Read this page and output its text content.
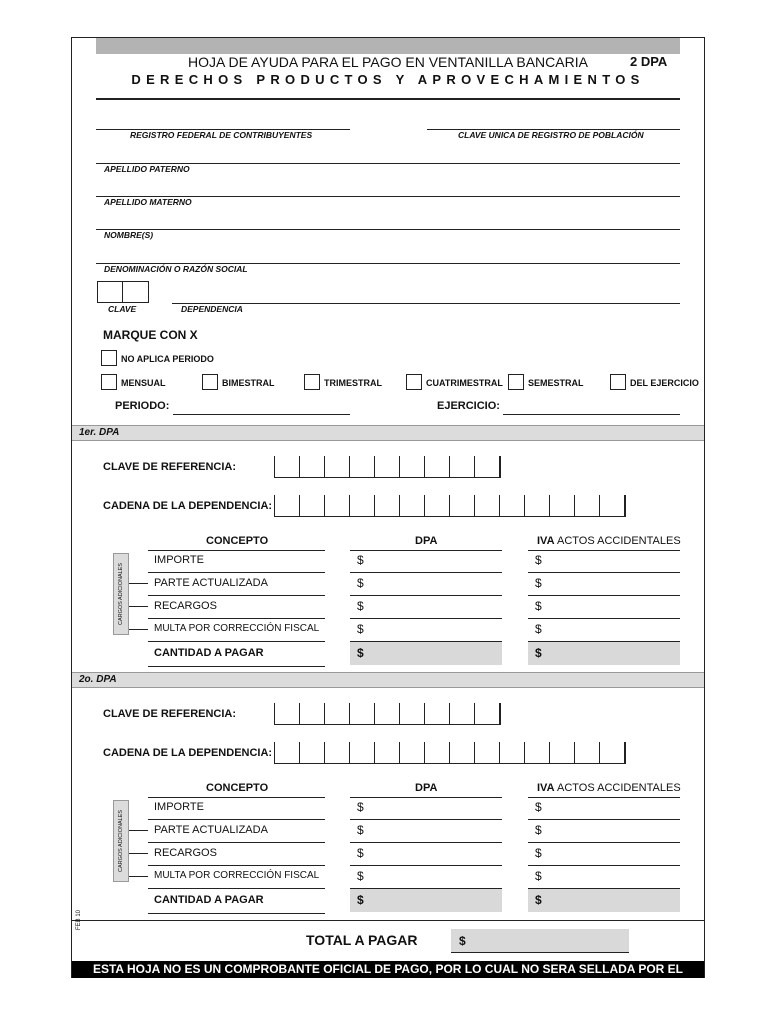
HOJA DE AYUDA PARA EL PAGO EN VENTANILLA BANCARIA
DERECHOS PRODUCTOS Y APROVECHAMIENTOS
2 DPA
REGISTRO FEDERAL DE CONTRIBUYENTES	CLAVE UNICA DE REGISTRO DE POBLACIÓN
APELLIDO PATERNO
APELLIDO MATERNO
NOMBRE(S)
DENOMINACIÓN O RAZÓN SOCIAL
CLAVE	DEPENDENCIA
MARQUE CON X
NO APLICA PERIODO
MENSUAL	BIMESTRAL	TRIMESTRAL	CUATRIMESTRAL	SEMESTRAL	DEL EJERCICIO
PERIODO:	EJERCICIO:
1er. DPA
CLAVE DE REFERENCIA:
CADENA DE LA DEPENDENCIA:
CONCEPTO	DPA	IVA ACTOS ACCIDENTALES
CARGOS ADICIONALES
IMPORTE	$	$
PARTE ACTUALIZADA	$	$
RECARGOS	$	$
MULTA POR CORRECCIÓN FISCAL	$	$
CANTIDAD A PAGAR	$	$
2o. DPA
CLAVE DE REFERENCIA:
CADENA DE LA DEPENDENCIA:
CONCEPTO	DPA	IVA ACTOS ACCIDENTALES
CARGOS ADICIONALES
IMPORTE	$	$
PARTE ACTUALIZADA	$	$
RECARGOS	$	$
MULTA POR CORRECCIÓN FISCAL	$	$
CANTIDAD A PAGAR	$	$
TOTAL A PAGAR	$
FEB 10
ESTA HOJA NO ES UN COMPROBANTE OFICIAL DE PAGO, POR LO CUAL NO SERA SELLADA POR EL CAJERO
